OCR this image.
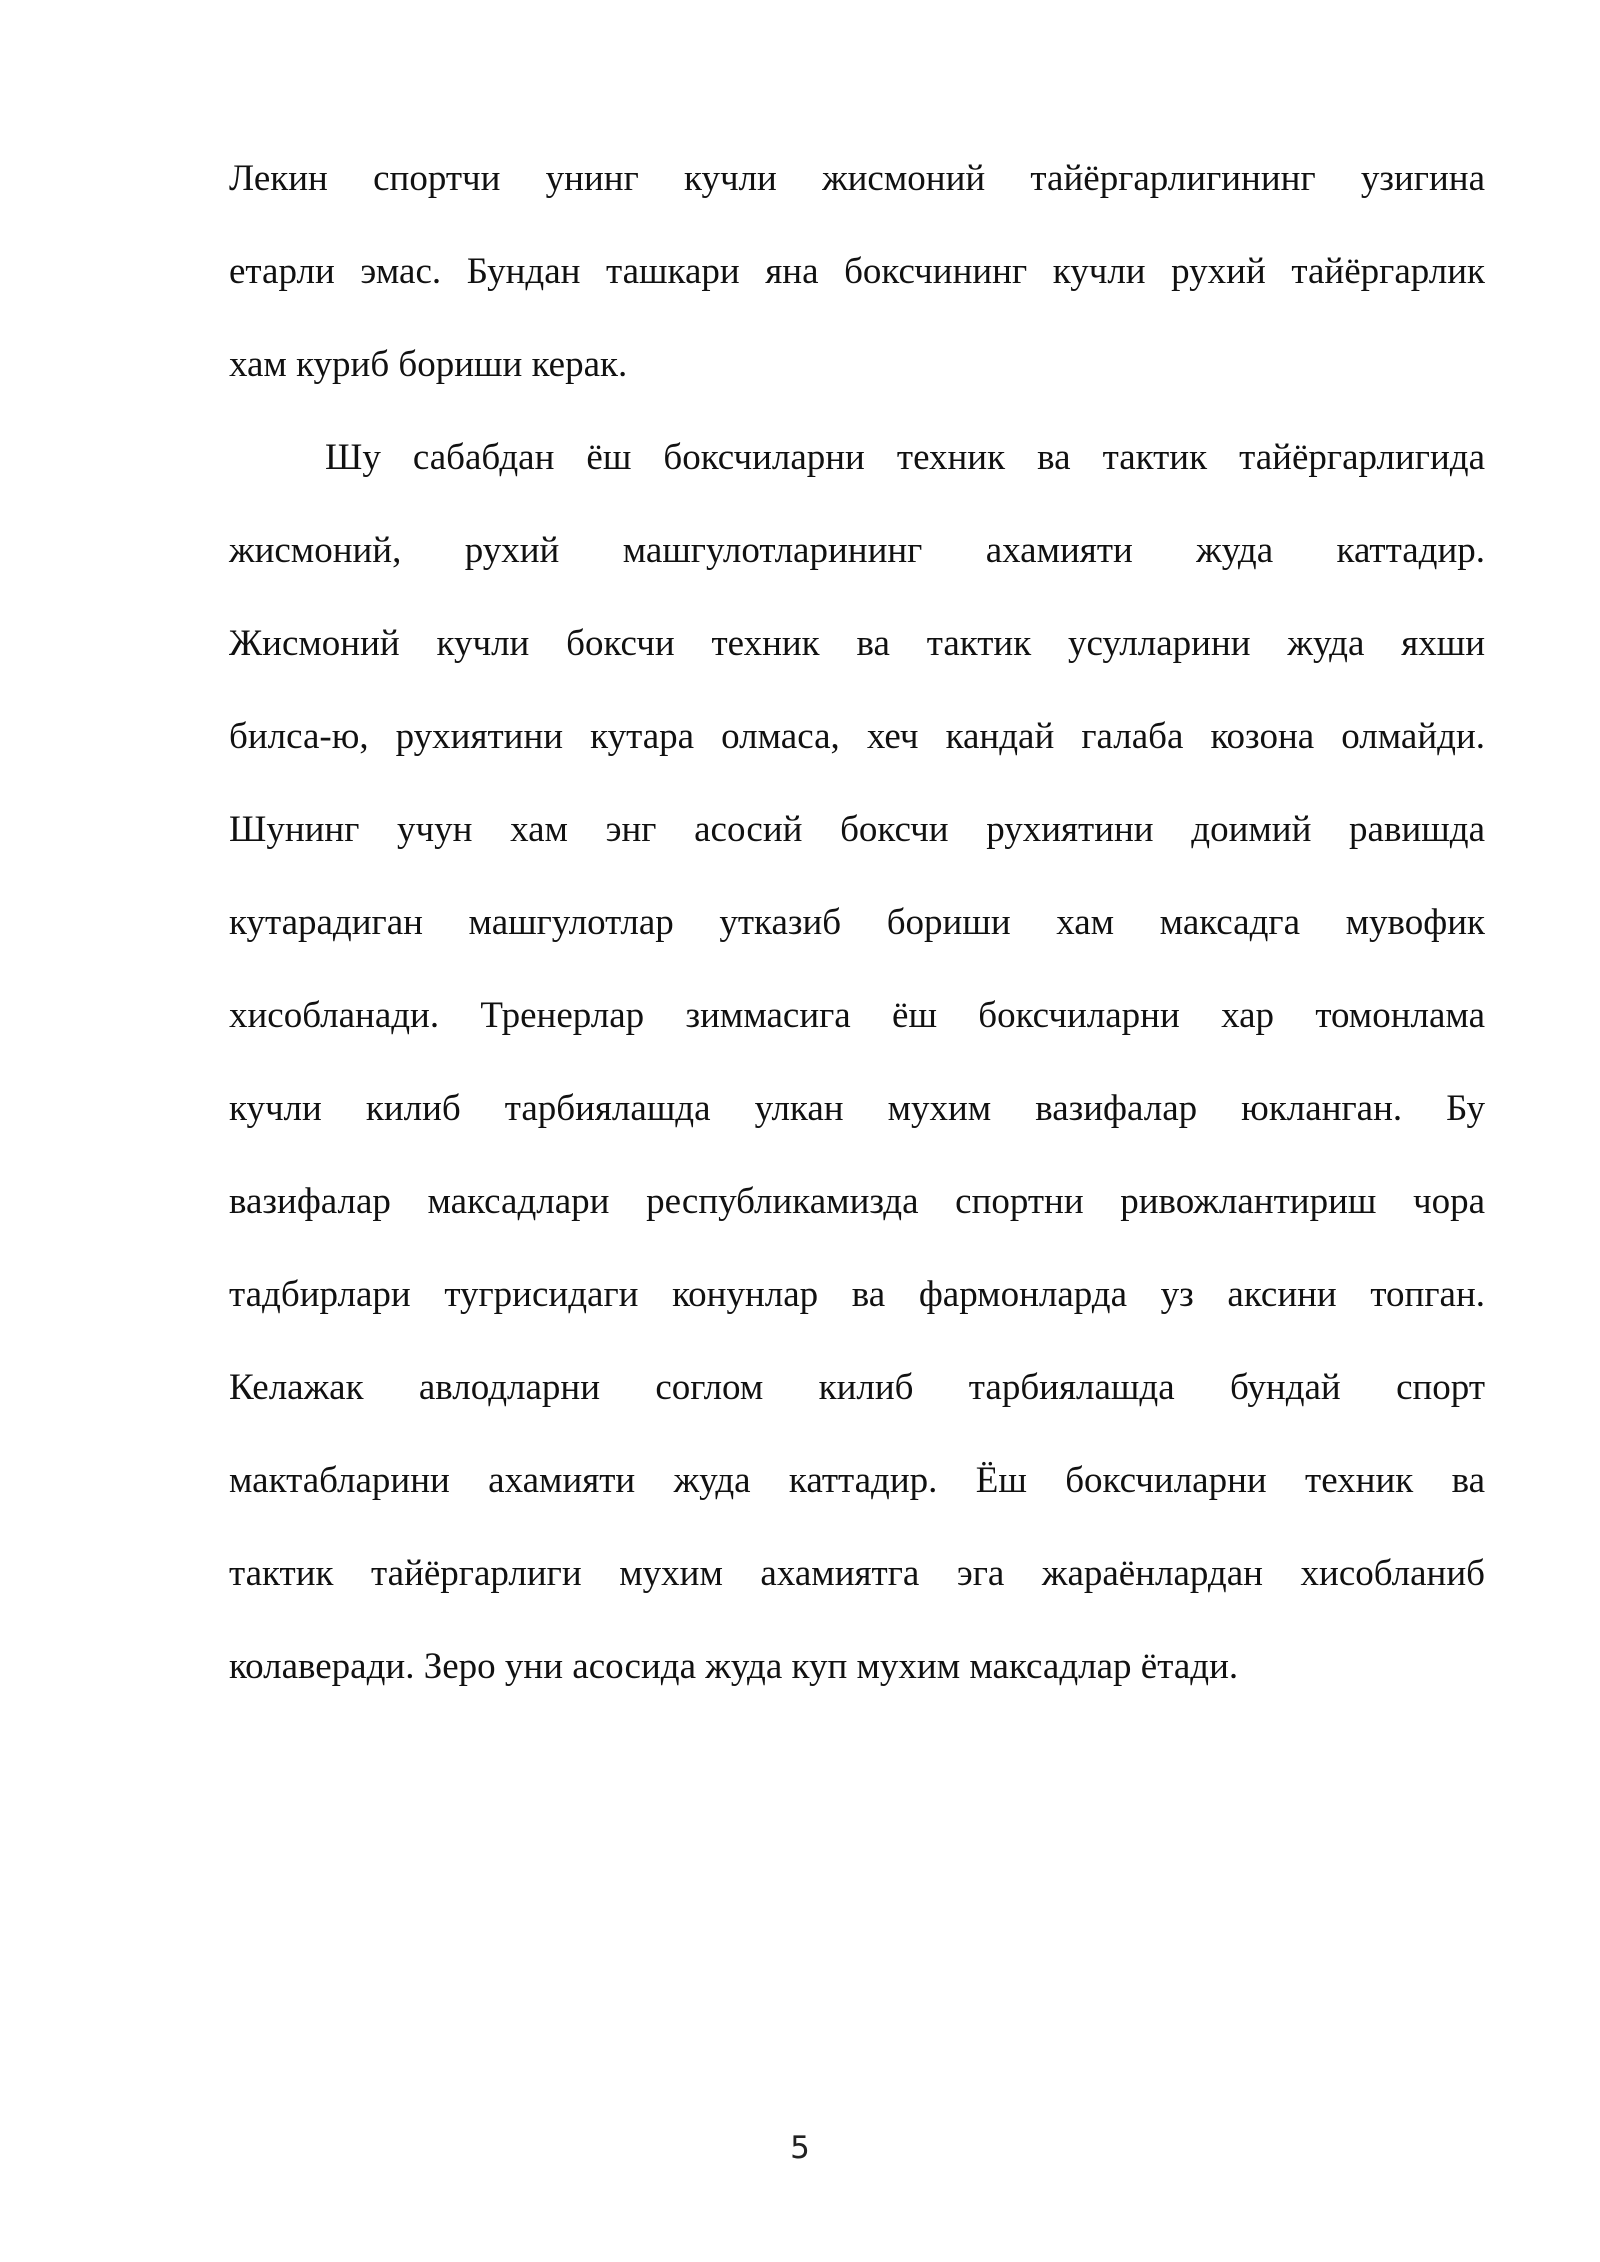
Лекин спортчи унинг кучли жисмоний тайёргарлигининг узигина
етарли эмас. Бундан ташкари яна боксчининг кучли рухий тайёргарлик
хам куриб бориши керак.
Шу сабабдан ёш боксчиларни техник ва тактик тайёргарлигида
жисмоний, рухий машгулотларининг ахамияти жуда каттадир.
Жисмоний кучли боксчи техник ва тактик усулларини жуда яхши
билса-ю, рухиятини кутара олмаса, хеч кандай галаба козона олмайди.
Шунинг учун хам энг асосий боксчи рухиятини доимий равишда
кутарадиган машгулотлар утказиб бориши хам максадга мувофик
хисобланади. Тренерлар зиммасига ёш боксчиларни хар томонлама
кучли килиб тарбиялашда улкан мухим вазифалар юкланган. Бу
вазифалар максадлари республикамизда спортни ривожлантириш чора
тадбирлари тугрисидаги конунлар ва фармонларда уз аксини топган.
Келажак авлодларни соглом килиб тарбиялашда бундай спорт
мактабларини ахамияти жуда каттадир. Ёш боксчиларни техник ва
тактик тайёргарлиги мухим ахамиятга эга жараёнлардан хисобланиб
колаверади. Зеро уни асосида жуда куп мухим максадлар ётади.
5
